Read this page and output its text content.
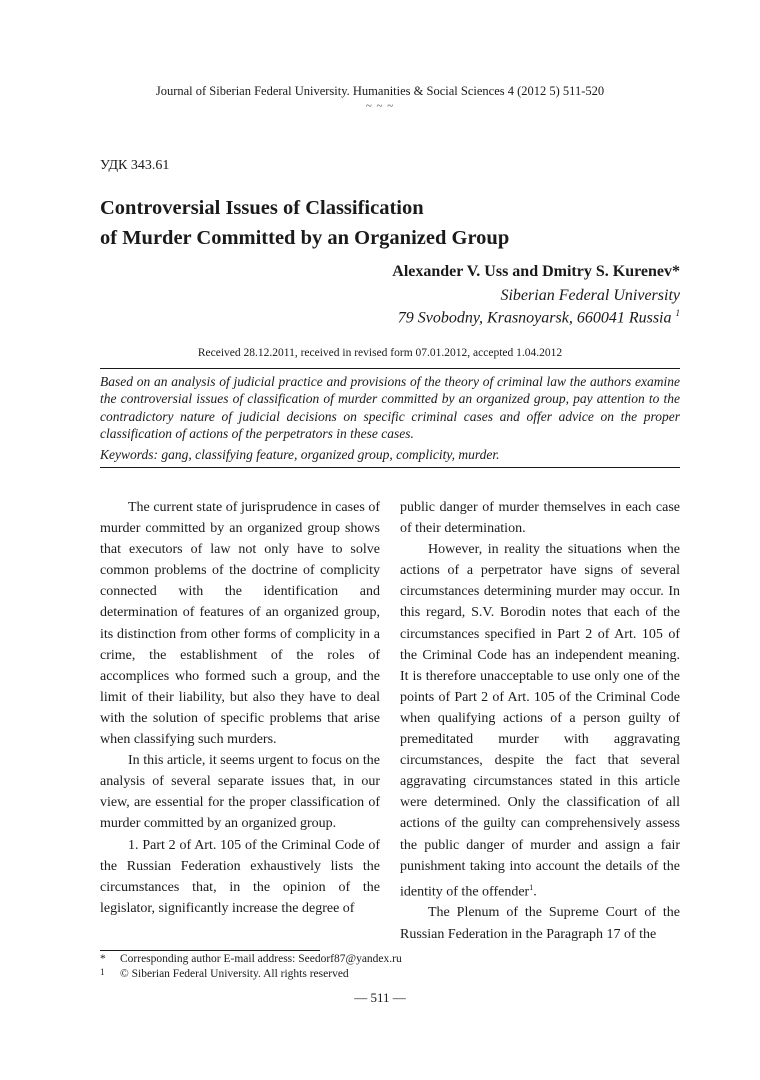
Journal of Siberian Federal University. Humanities & Social Sciences 4 (2012 5) 511-520
~ ~ ~
УДК 343.61
Controversial Issues of Classification
of Murder Committed by an Organized Group
Alexander V. Uss and Dmitry S. Kurenev*
Siberian Federal University
79 Svobodny, Krasnoyarsk, 660041 Russia $^1$
Received 28.12.2011, received in revised form 07.01.2012, accepted 1.04.2012
Based on an analysis of judicial practice and provisions of the theory of criminal law the authors examine the controversial issues of classification of murder committed by an organized group, pay attention to the contradictory nature of judicial decisions on specific criminal cases and offer advice on the proper classification of actions of the perpetrators in these cases.
Keywords: gang, classifying feature, organized group, complicity, murder.

The current state of jurisprudence in cases of murder committed by an organized group shows that executors of law not only have to solve common problems of the doctrine of complicity connected with the identification and determination of features of an organized group, its distinction from other forms of complicity in a crime, the establishment of the roles of accomplices who formed such a group, and the limit of their liability, but also they have to deal with the solution of specific problems that arise when classifying such murders.

In this article, it seems urgent to focus on the analysis of several separate issues that, in our view, are essential for the proper classification of murder committed by an organized group.

1. Part 2 of Art. 105 of the Criminal Code of the Russian Federation exhaustively lists the circumstances that, in the opinion of the legislator, significantly increase the degree of

public danger of murder themselves in each case of their determination.

However, in reality the situations when the actions of a perpetrator have signs of several circumstances determining murder may occur. In this regard, S.V. Borodin notes that each of the circumstances specified in Part 2 of Art. 105 of the Criminal Code has an independent meaning. It is therefore unacceptable to use only one of the points of Part 2 of Art. 105 of the Criminal Code when qualifying actions of a person guilty of premeditated murder with aggravating circumstances, despite the fact that several aggravating circumstances stated in this article were determined. Only the classification of all actions of the guilty can comprehensively assess the public danger of murder and assign a fair punishment taking into account the details of the identity of the offender$^1$.

The Plenum of the Supreme Court of the Russian Federation in the Paragraph 17 of the

* Corresponding author E-mail address: Seedorf87@yandex.ru
1 © Siberian Federal University. All rights reserved
― 511 ―
